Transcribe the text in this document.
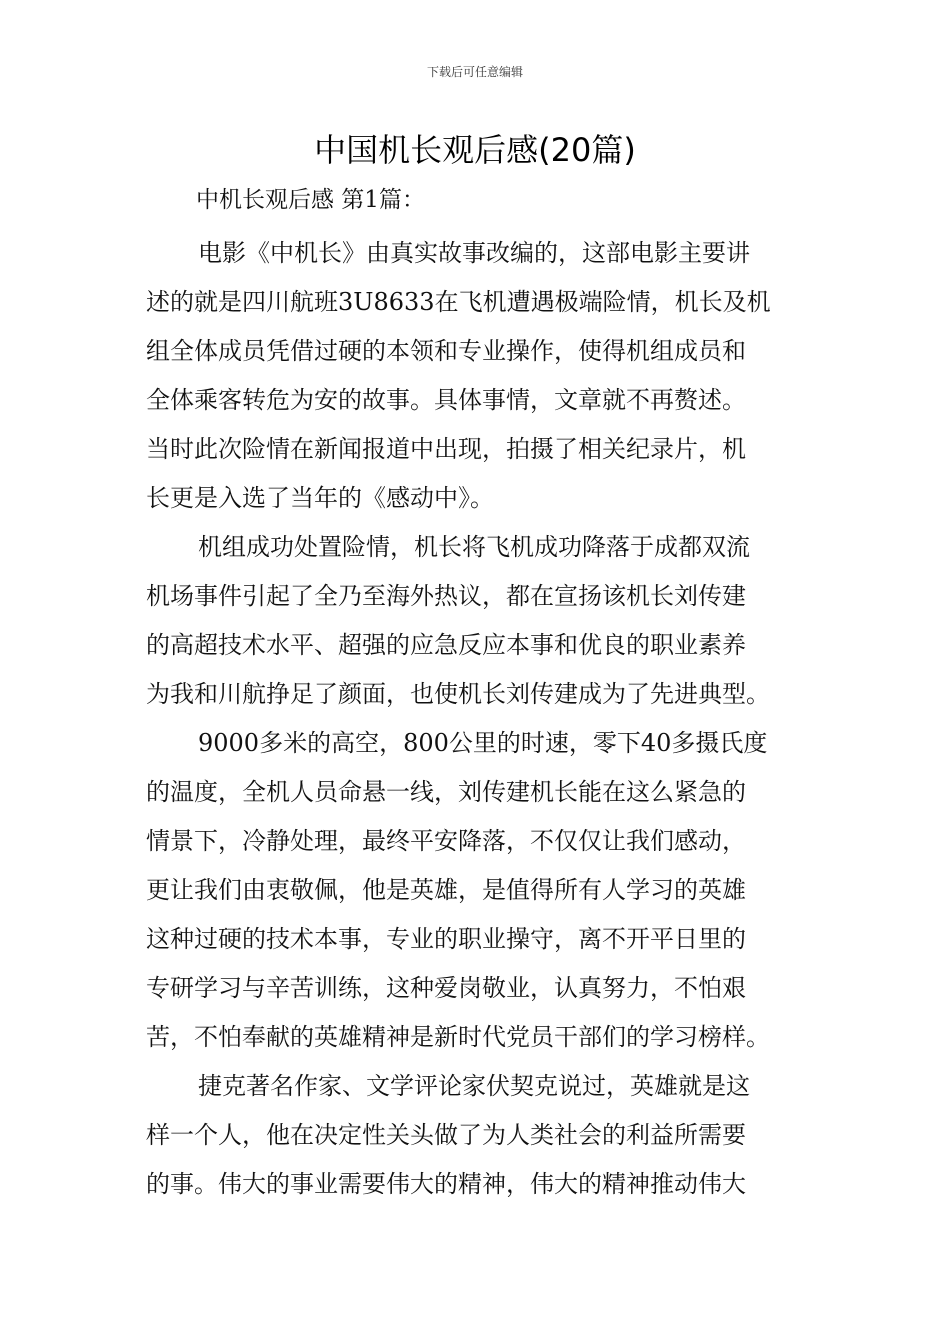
下载后可任意编辑
中国机长观后感(20篇)
中机长观后感 第1篇：
电影《中机长》由真实故事改编的，这部电影主要讲
述的就是四川航班3U8633在飞机遭遇极端险情，机长及机
组全体成员凭借过硬的本领和专业操作，使得机组成员和
全体乘客转危为安的故事。具体事情，文章就不再赘述。
当时此次险情在新闻报道中出现，拍摄了相关纪录片，机
长更是入选了当年的《感动中》。
机组成功处置险情，机长将飞机成功降落于成都双流
机场事件引起了全乃至海外热议，都在宣扬该机长刘传建
的高超技术水平、超强的应急反应本事和优良的职业素养
为我和川航挣足了颜面，也使机长刘传建成为了先进典型。
9000多米的高空，800公里的时速，零下40多摄氏度
的温度，全机人员命悬一线，刘传建机长能在这么紧急的
情景下，冷静处理，最终平安降落，不仅仅让我们感动，
更让我们由衷敬佩，他是英雄，是值得所有人学习的英雄
这种过硬的技术本事，专业的职业操守，离不开平日里的
专研学习与辛苦训练，这种爱岗敬业，认真努力，不怕艰
苦，不怕奉献的英雄精神是新时代党员干部们的学习榜样。
捷克著名作家、文学评论家伏契克说过，英雄就是这
样一个人，他在决定性关头做了为人类社会的利益所需要
的事。伟大的事业需要伟大的精神，伟大的精神推动伟大
